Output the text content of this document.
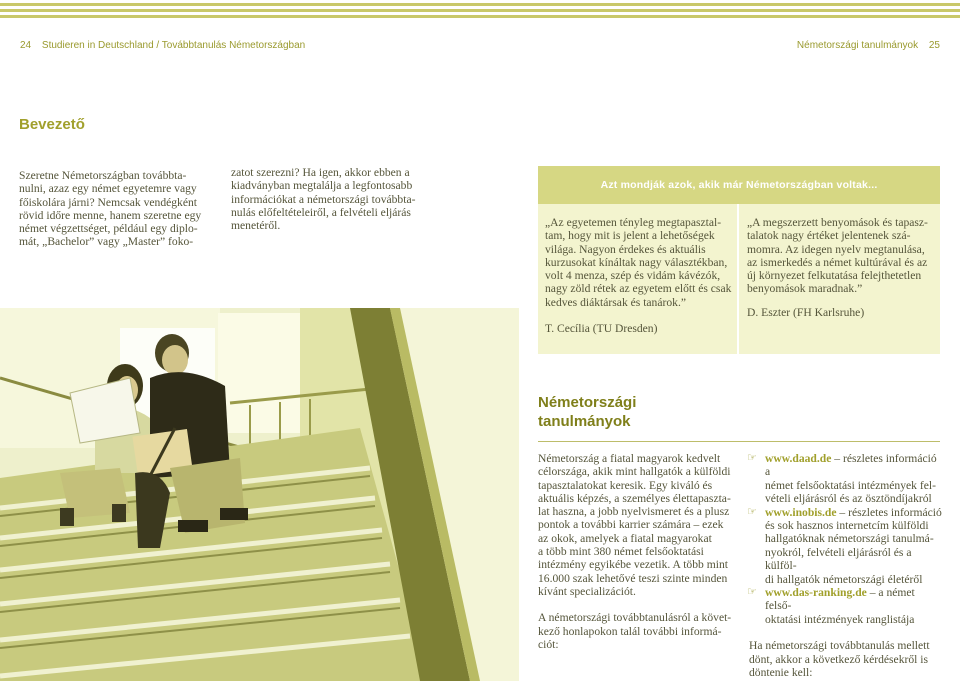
24 Studieren in Deutschland / Továbbtanulás Németországban	Németországi tanulmányok 25
Bevezető

Szeretne Németországban továbbta-

nulni, azaz egy német egyetemre vagy

főiskolára járni? Nemcsak vendégként

rövid időre menne, hanem szeretne egy

német végzettséget, például egy diplo-

mát, „Bachelor” vagy „Master” foko-

zatot szerezni? Ha igen, akkor ebben a

kiadványban megtalálja a legfontosabb

információkat a németországi továbbta-

nulás előfeltételeiről, a felvételi eljárás

menetéről.

Azt mondják azok, akik már Németországban voltak...
„Az egyetemen tényleg megtapasztal-
tam, hogy mit is jelent a lehetőségek
világa. Nagyon érdekes és aktuális
kurzusokat kínáltak nagy választékban,
volt 4 menza, szép és vidám kávézók,
nagy zöld rétek az egyetem előtt és csak
kedves diáktársak és tanárok.”
T. Cecília (TU Dresden)
„A megszerzett benyomások és tapasz-
talatok nagy értéket jelentenek szá-
momra. Az idegen nyelv megtanulása,
az ismerkedés a német kultúrával és az
új környezet felkutatása felejthetetlen
benyomások maradnak.”
D. Eszter (FH Karlsruhe)
Németországi
tanulmányok

Németország a fiatal magyarok kedvelt

célországa, akik mint hallgatók a külföldi

tapasztalatokat keresik. Egy kiváló és

aktuális képzés, a személyes élettapaszta-

lat haszna, a jobb nyelvismeret és a plusz

pontok a további karrier számára – ezek

az okok, amelyek a fiatal magyarokat

a több mint 380 német felsőoktatási

intézmény egyikébe vezetik. A több mint

16.000 szak lehetővé teszi szinte minden

kívánt specializációt.

A németországi továbbtanulásról a követ-

kező honlapokon talál további informá-

ciót:

☞ www.daad.de – részletes információ a
német felsőoktatási intézmények fel-
vételi eljárásról és az ösztöndíjakról
☞ www.inobis.de – részletes információ
és sok hasznos internetcím külföldi
hallgatóknak németországi tanulmá-
nyokról, felvételi eljárásról és a külföl-
di hallgatók németországi életéről
☞ www.das-ranking.de – a német felső-
oktatási intézmények ranglistája
Ha németországi továbbtanulás mellett
dönt, akkor a következő kérdésekről is
döntenie kell:
